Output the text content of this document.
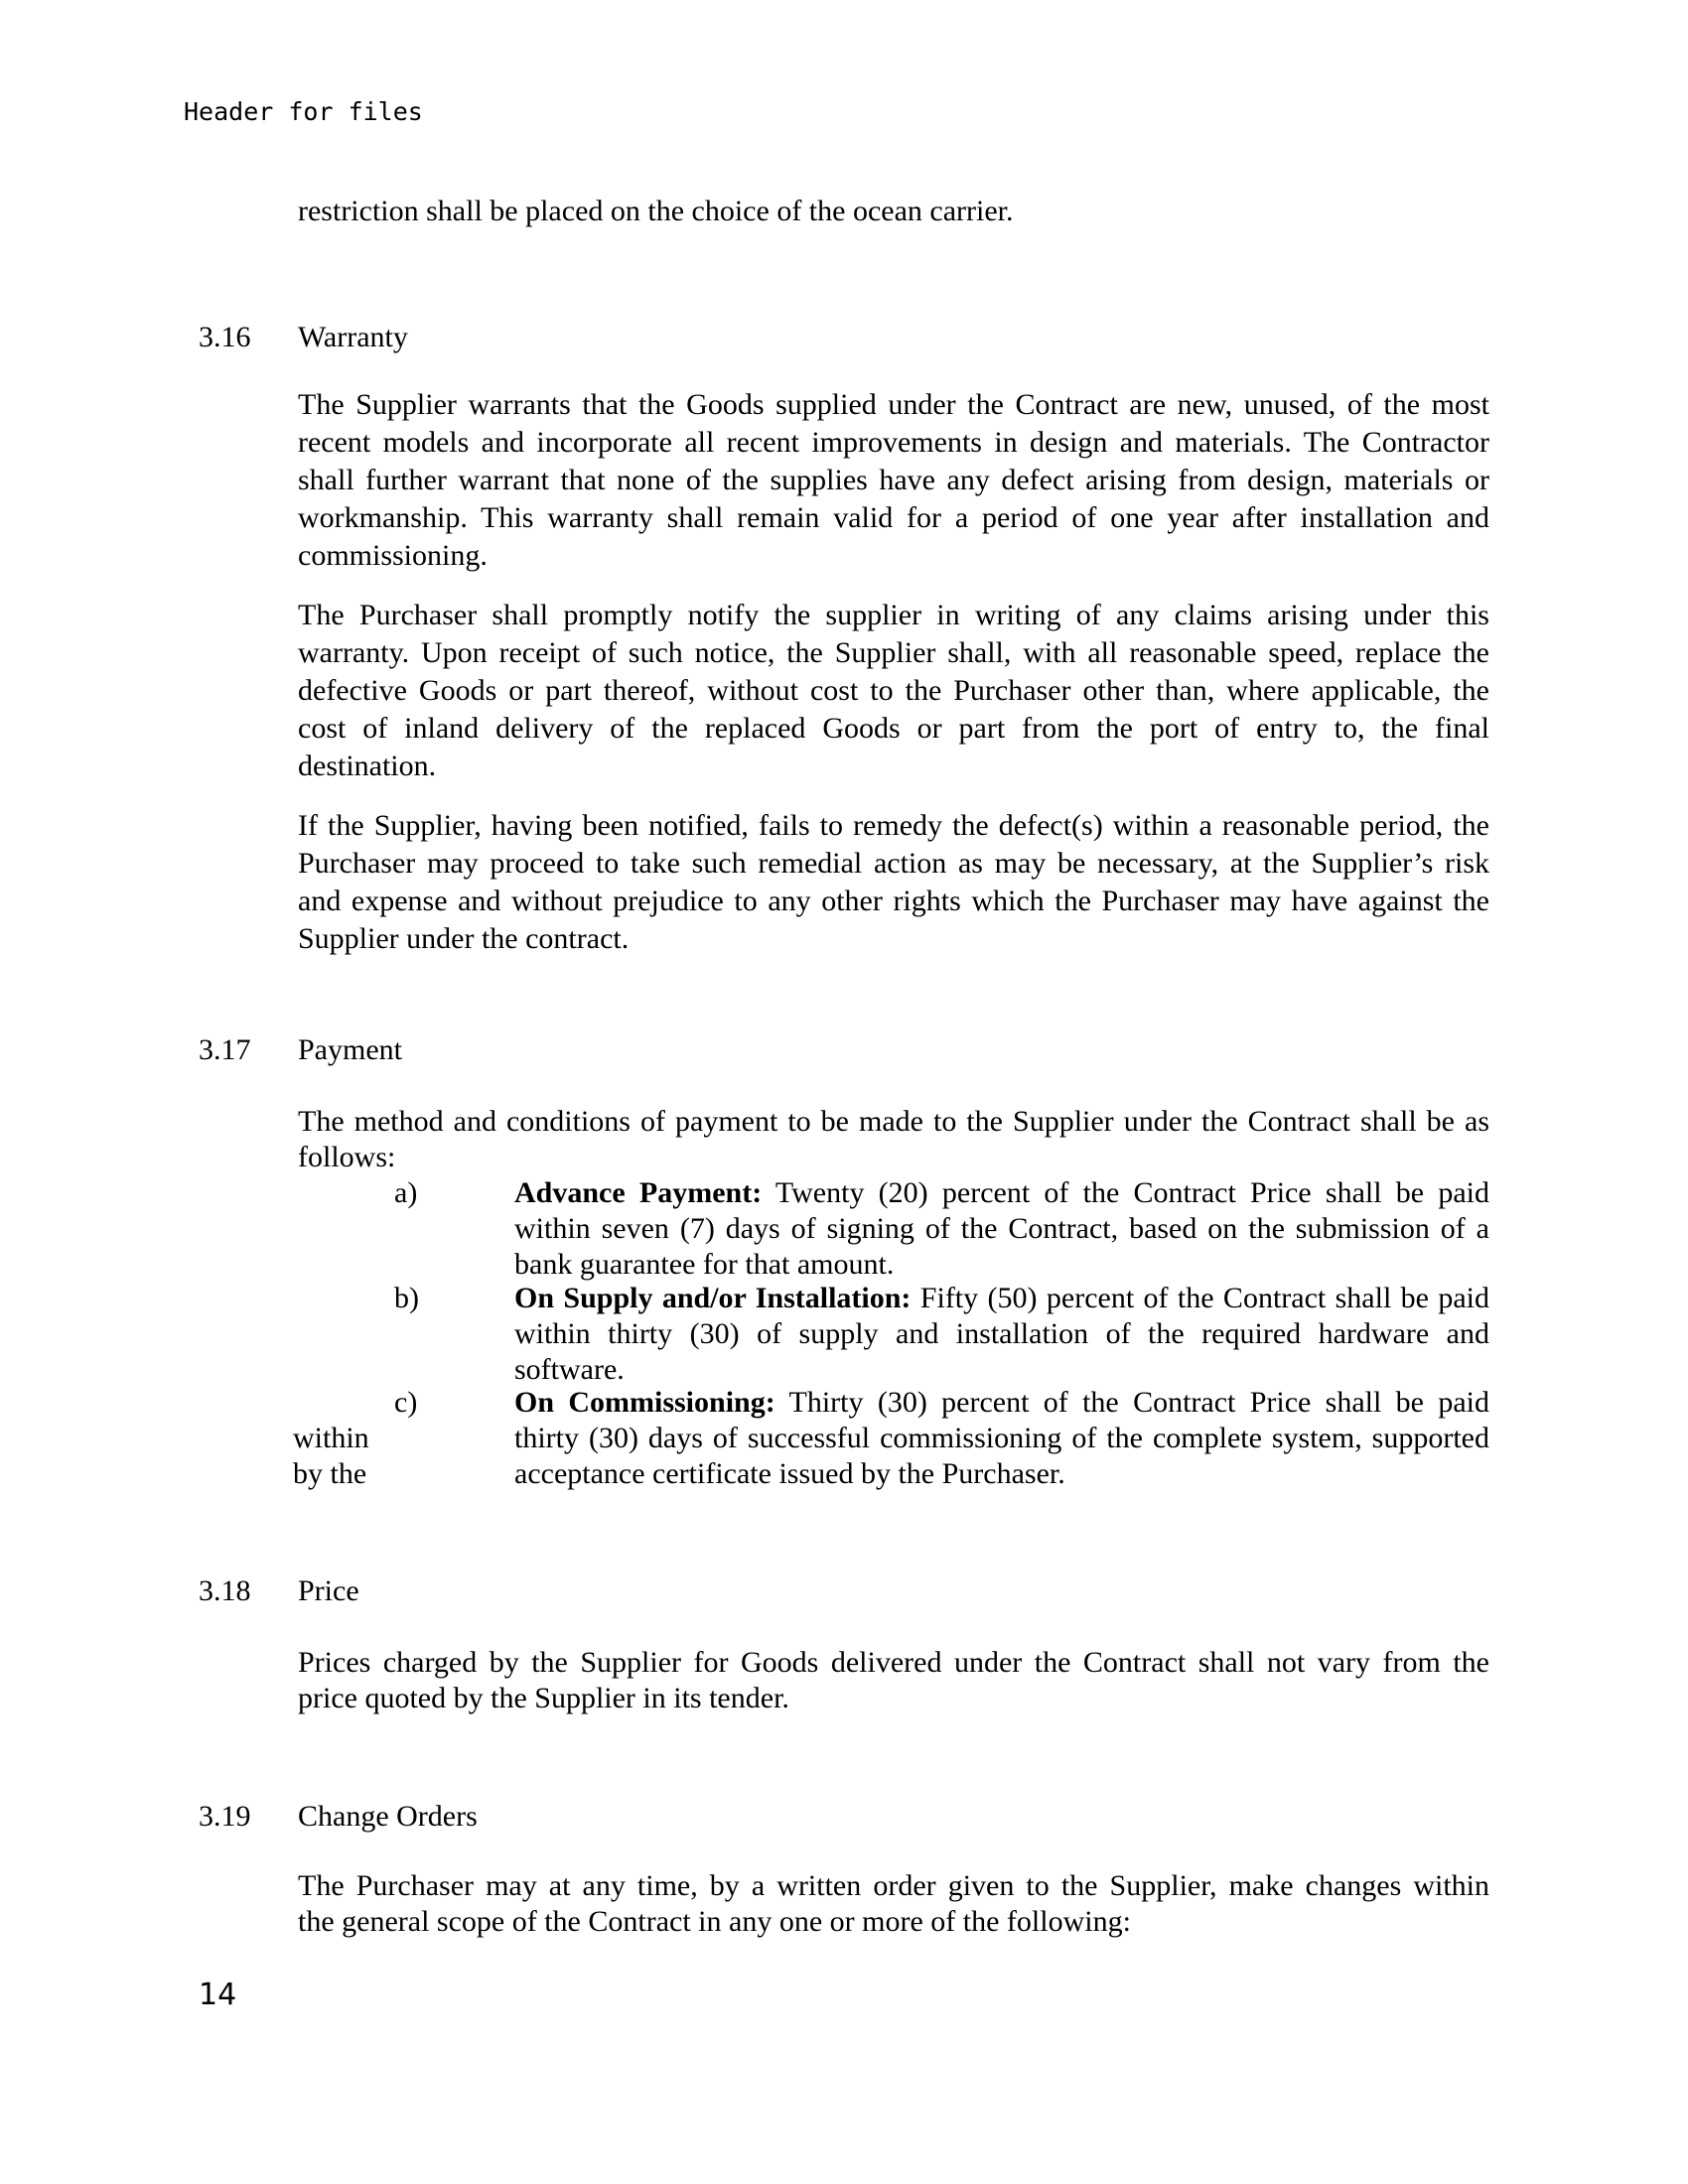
Header for files
restriction shall be placed on the choice of the ocean carrier.
3.16 Warranty
The Supplier warrants that the Goods supplied under the Contract are new, unused, of the most
recent models and incorporate all recent improvements in design and materials. The Contractor
shall further warrant that none of the supplies have any defect arising from design, materials or
workmanship. This warranty shall remain valid for a period of one year after installation and
commissioning.
The Purchaser shall promptly notify the supplier in writing of any claims arising under this
warranty. Upon receipt of such notice, the Supplier shall, with all reasonable speed, replace the
defective Goods or part thereof, without cost to the Purchaser other than, where applicable, the
cost of inland delivery of the replaced Goods or part from the port of entry to, the final
destination.
If the Supplier, having been notified, fails to remedy the defect(s) within a reasonable period, the
Purchaser may proceed to take such remedial action as may be necessary, at the Supplier’s risk
and expense and without prejudice to any other rights which the Purchaser may have against the
Supplier under the contract.
3.17 Payment
The method and conditions of payment to be made to the Supplier under the Contract shall be as
follows:
a)	Advance Payment: Twenty (20) percent of the Contract Price shall be paid
within seven (7) days of signing of the Contract, based on the submission of a
bank guarantee for that amount.
b)	On Supply and/or Installation: Fifty (50) percent of the Contract shall be paid
within thirty (30) of supply and installation of the required hardware and
software.
c)
within
by the
On Commissioning: Thirty (30) percent of the Contract Price shall be paid
thirty (30) days of successful commissioning of the complete system, supported
acceptance certificate issued by the Purchaser.
3.18 Price
Prices charged by the Supplier for Goods delivered under the Contract shall not vary from the
price quoted by the Supplier in its tender.
3.19 Change Orders
The Purchaser may at any time, by a written order given to the Supplier, make changes within
the general scope of the Contract in any one or more of the following:
14
